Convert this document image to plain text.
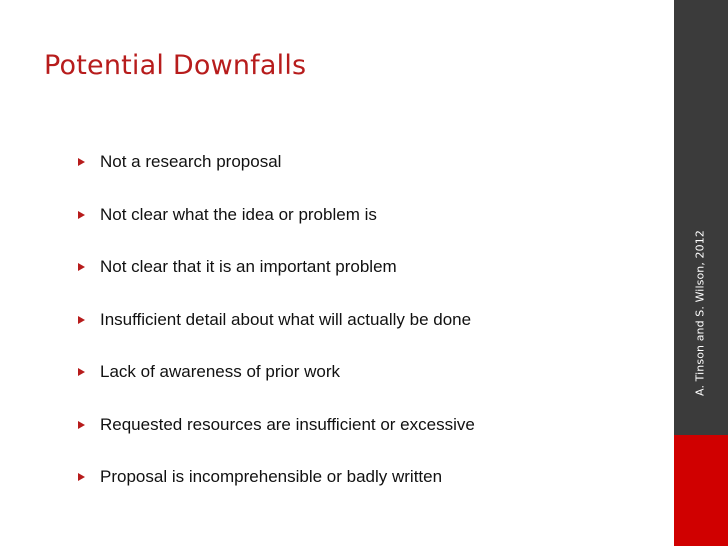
Potential Downfalls
Not a research proposal
Not clear what the idea or problem is
Not clear that it is an important problem
Insufficient detail about what will actually be done
Lack of awareness of prior work
Requested resources are insufficient or excessive
Proposal is incomprehensible or badly written
A. Tinson and S. Wilson, 2012
